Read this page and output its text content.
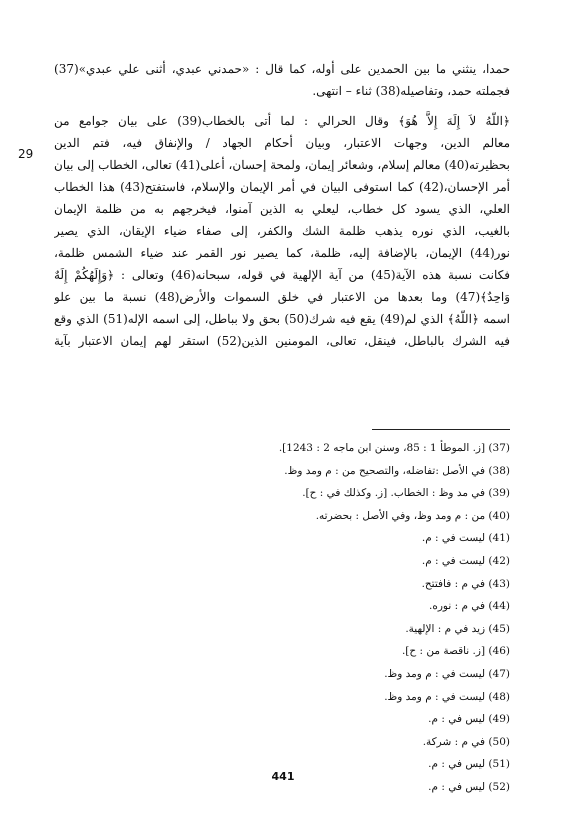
حمدا، ينثني ما بين الحمدين على أوله، كما قال : «حمدني عبدي، أثنى علي عبدي»(37)
فجملته حمد، وتفاصيله(38) ثناء – انتهى.
﴿اللّهُ لاَ إِلَهَ إِلاَّ هُوَ﴾ وقال الحرالي : لما أتى بالخطاب(39) على بيان جوامع من
معالم الدين، وجهات الاعتبار، وبيان أحكام الجهاد / والإنفاق فيه، فتم الدين
بحظيرته(40) معالم إسلام، وشعائر إيمان، ولمحة إحسان، أعلى(41) تعالى، الخطاب إلى بيان
أمر الإحسان،(42) كما استوفى البيان في أمر الإيمان والإسلام، فاستفتح(43) هذا الخطاب
العلي، الذي يسود كل خطاب، ليعلي به الذين آمنوا، فيخرجهم به من ظلمة الإيمان
بالغيب، الذي نوره يذهب ظلمة الشك والكفر، إلى صفاء ضياء الإيقان، الذي يصير
نور(44) الإيمان، بالإضافة إليه، ظلمة، كما يصير نور القمر عند ضياء الشمس ظلمة،
فكانت نسبة هذه الآية(45) من آية الإلهية في قوله، سبحانه(46) وتعالى : ﴿وَإِلَهُكُمْ إِلَهٌ
وَاحِدٌ﴾(47) وما بعدها من الاعتبار في خلق السموات والأرض(48) نسبة ما بين علو
اسمه ﴿اللّهُ﴾ الذي لم(49) يقع فيه شرك(50) بحق ولا بباطل، إلى اسمه الإله(51) الذي وقع
فيه الشرك بالباطل، فينقل، تعالى، المومنين الذين(52) استقر لهم إيمان الاعتبار بآية
29
(37) [ز. الموطأ 1 : 85، وسنن ابن ماجه 2 : 1243].
(38) في الأصل :تفاضله، والتصحيح من : م ومد وظ.
(39) في مد وظ : الخطاب. [ز. وكذلك في : ح].
(40) من : م ومد وظ، وفي الأصل : بحضرته.
(41) ليست في : م.
(42) ليست في : م.
(43) في م : فافتتح.
(44) في م : نوره.
(45) زيد في م : الإلهية.
(46) [ز. ناقصة من : ح].
(47) ليست في : م ومد وظ.
(48) ليست في : م ومد وظ.
(49) ليس في : م.
(50) في م : شركة.
(51) ليس في : م.
(52) ليس في : م.
441
